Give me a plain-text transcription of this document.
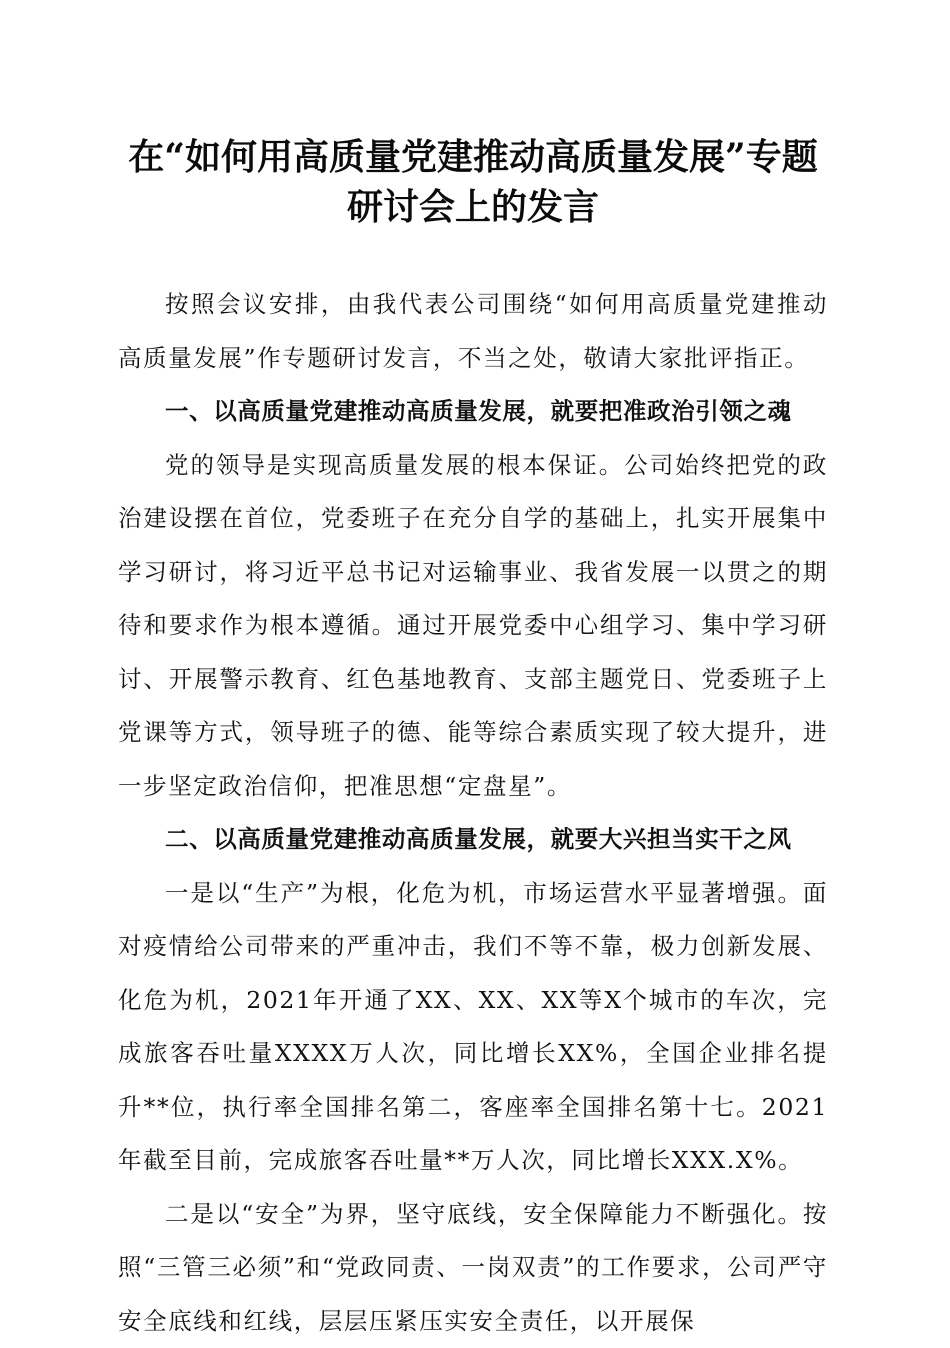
在“如何用高质量党建推动高质量发展”专题
研讨会上的发言

按照会议安排，由我代表公司围绕“如何用高质量党建推动高质量发展”作专题研讨发言，不当之处，敬请大家批评指正。

一、以高质量党建推动高质量发展，就要把准政治引领之魂

党的领导是实现高质量发展的根本保证。公司始终把党的政治建设摆在首位，党委班子在充分自学的基础上，扎实开展集中学习研讨，将习近平总书记对运输事业、我省发展一以贯之的期待和要求作为根本遵循。通过开展党委中心组学习、集中学习研讨、开展警示教育、红色基地教育、支部主题党日、党委班子上党课等方式，领导班子的德、能等综合素质实现了较大提升，进一步坚定政治信仰，把准思想“定盘星”。

二、以高质量党建推动高质量发展，就要大兴担当实干之风

一是以“生产”为根，化危为机，市场运营水平显著增强。面对疫情给公司带来的严重冲击，我们不等不靠，极力创新发展、化危为机，2021年开通了XX、XX、XX等X个城市的车次，完成旅客吞吐量XXXX万人次，同比增长XX%，全国企业排名提升**位，执行率全国排名第二，客座率全国排名第十七。2021年截至目前，完成旅客吞吐量**万人次，同比增长XXX.X%。

二是以“安全”为界，坚守底线，安全保障能力不断强化。按照“三管三必须”和“党政同责、一岗双责”的工作要求，公司严守安全底线和红线，层层压紧压实安全责任，以开展保
